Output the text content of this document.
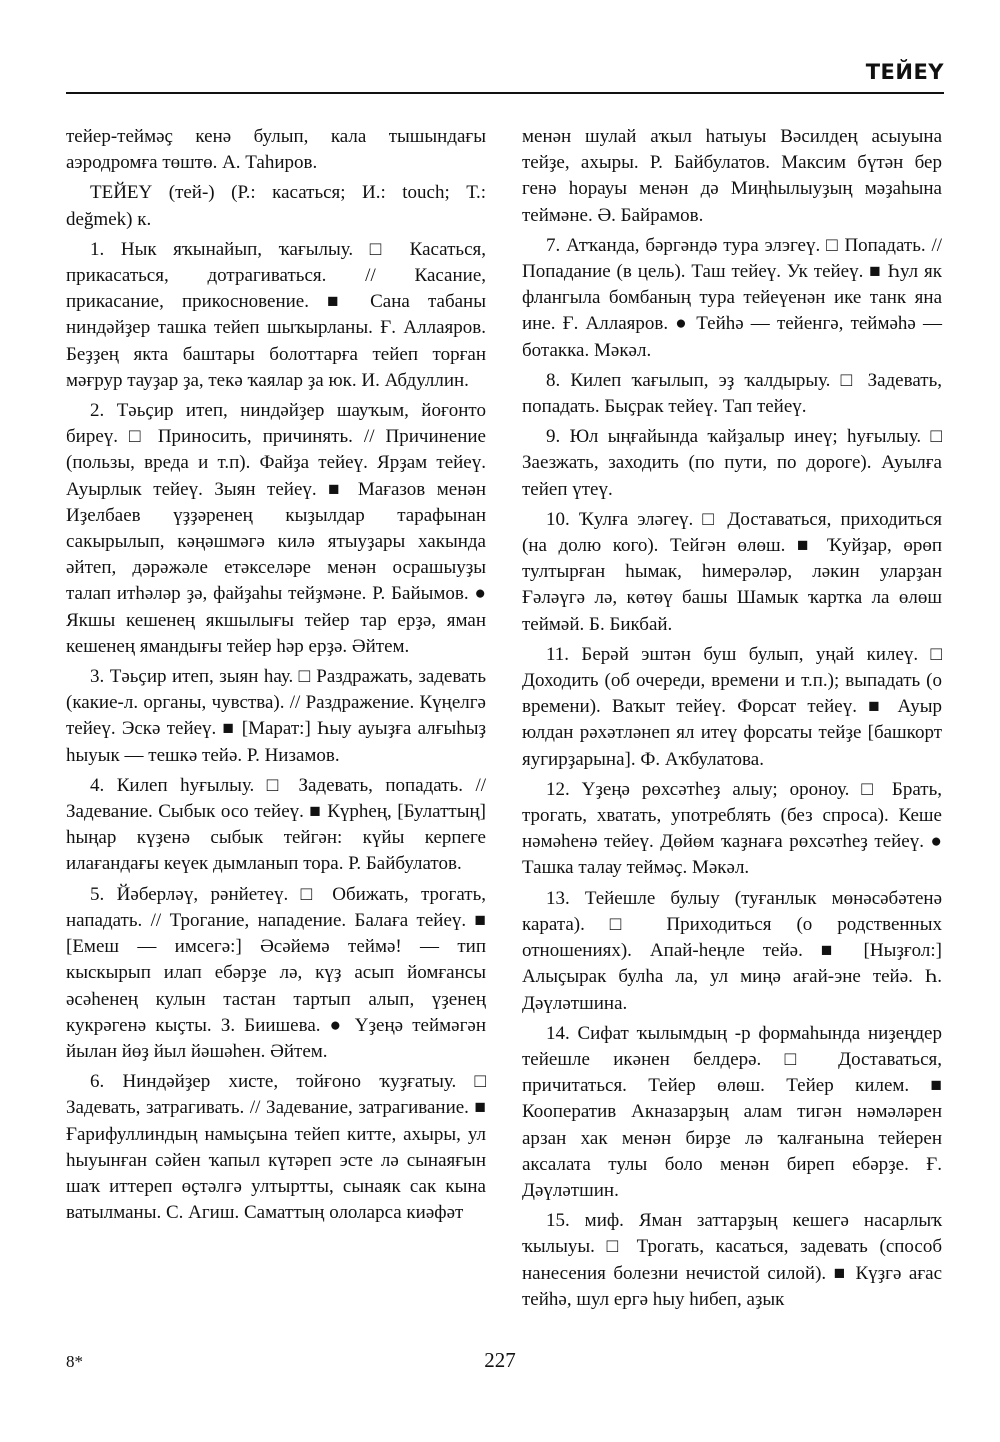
ТЕЙЕҮ

тейер-теймәҫ кенә булып, кала тышындағы аэродромға төштө. А. Таһиров.

ТЕЙЕҮ (тей-) (Р.: касаться; И.: touch; Т.: değmek) к.

1. Нык яҡынайып, ҡағылыу. □ Касаться, прикасаться, дотрагиваться. // Касание, прикасание, прикосновение. ■ Сана табаны ниндәйҙер ташка тейеп шыҡырланы. Ғ. Аллаяров. Беҙҙең якта баштары болоттарға тейеп торған мәғрур тауҙар ҙа, текә ҡаялар ҙа юк. И. Абдуллин.

2. Тәьҫир итеп, ниндәйҙер шауҡым, йоғонто биреү. □ Приносить, причинять. // Причинение (пользы, вреда и т.п). Файҙа тейеү. Ярҙам тейеү. Ауырлык тейеү. Зыян тейеү. ■ Мағазов менән Иҙелбаев үҙҙәренең кыҙылдар тарафынан сакырылып, кәңәшмәгә килә ятыуҙары хакында әйтеп, дәрәжәле етәкселәре менән осрашыуҙы талап итһәләр ҙә, файҙаһы тейҙмәне. Р. Байымов. ● Якшы кешенең якшылығы тейер тар ерҙә, яман кешенең ямандығы тейер һәр ерҙә. Әйтем.

3. Тәьҫир итеп, зыян һау. □ Раздражать, задевать (какие-л. органы, чувства). // Раздражение. Күңелгә тейеү. Эскә тейеү. ■ [Марат:] Һыу ауыҙға алғыһыҙ һыуык — тешкә тейә. Р. Низамов.

4. Килеп һуғылыу. □ Задевать, попадать. // Задевание. Сыбык осо тейеү. ■ Күрһең, [Булаттың] һыңар күҙенә сыбык тейгән: күйы керпеге илағандағы кеүек дымланып тора. Р. Байбулатов.

5. Йәберләү, рәнйетеү. □ Обижать, трогать, нападать. // Трогание, нападение. Балаға тейеү. ■ [Емеш — имсегә:] Әсәйемә теймә! — тип кыскырып илап ебәрҙе лә, күҙ асып йомғансы әсәһенең кулын тастан тартып алып, үҙенең кукрәгенә кыҫты. З. Биишева. ● Үҙеңә теймәгән йылан йөҙ йыл йәшәһен. Әйтем.

6. Ниндәйҙер хисте, тойғоно ҡуҙғатыу. □ Задевать, затрагивать. // Задевание, затрагивание. ■ Ғарифуллиндың намыҫына тейеп китте, ахыры, ул һыуынған сәйен ҡапыл күтәреп эсте лә сынаяғын шаҡ иттереп өҫтәлгә ултыртты, сынаяк сак кына ватылманы. С. Агиш. Саматтың ололарса киәфәт

менән шулай аҡыл һатыуы Вәсилдең асыуына тейҙе, ахыры. Р. Байбулатов. Максим бүтән бер генә һорауы менән дә Миңһылыуҙың мәҙаһына теймәне. Ә. Байрамов.

7. Атҡанда, бәргәндә тура элэгеү. □ Попадать. // Попадание (в цель). Таш тейеү. Ук тейеү. ■ Һул як флангыла бомбаның тура тейеүенән ике танк яна ине. Ғ. Аллаяров. ● Тейһә — тейенгә, теймәһә — ботакка. Мәкәл.

8. Килеп ҡағылып, эҙ ҡалдырыу. □ Задевать, попадать. Быҫрак тейеү. Тап тейеү.

9. Юл ыңғайында ҡайҙалыр инеү; һуғылыу. □ Заезжать, заходить (по пути, по дороге). Ауылға тейеп үтеү.

10. Ҡулға эләгеү. □ Доставаться, приходиться (на долю кого). Тейгән өлөш. ■ Ҡуйҙар, өрөп тултырған һымак, һимерәләр, ләкин уларҙан Ғәләүгә лә, көтөү башы Шамык ҡартка ла өлөш теймәй. Б. Бикбай.

11. Берәй эштән буш булып, уңай килеү. □ Доходить (об очереди, времени и т.п.); выпадать (о времени). Ваҡыт тейеү. Форсат тейеү. ■ Ауыр юлдан рәхәтләнеп ял итеү форсаты тейҙе [башкорт яугирҙарына]. Ф. Аҡбулатова.

12. Үҙеңә рөхсәтһеҙ алыу; ороноу. □ Брать, трогать, хватать, употреблять (без спроса). Кеше нәмәһенә тейеү. Дөйөм ҡаҙнаға рөхсәтһеҙ тейеү. ● Ташка талау теймәҫ. Мәкәл.

13. Тейешле булыу (туғанлык мөнәсәбәтенә карата). □ Приходиться (о родственных отношениях). Апай-һеңле тейә. ■ [Ныҙғол:] Алыҫырак булһа ла, ул миңә ағай-эне тейә. Һ. Дәүләтшина.

14. Сифат ҡылымдың -р формаһында ниҙеңдер тейешле икәнен белдерә. □ Доставаться, причитаться. Тейер өлөш. Тейер килем. ■ Кооператив Акназарҙың алам тигән нәмәләрен арзан хак менән бирҙе лә ҡалғанына тейерен аксалата тулы боло менән биреп ебәрҙе. Ғ. Дәүләтшин.

15. миф. Яман заттарҙың кешегә насарлыҡ ҡылыуы. □ Трогать, касаться, задевать (способ нанесения болезни нечистой силой). ■ Күҙгә ағас тейһә, шул ергә һыу һибеп, аҙык

8*	227
